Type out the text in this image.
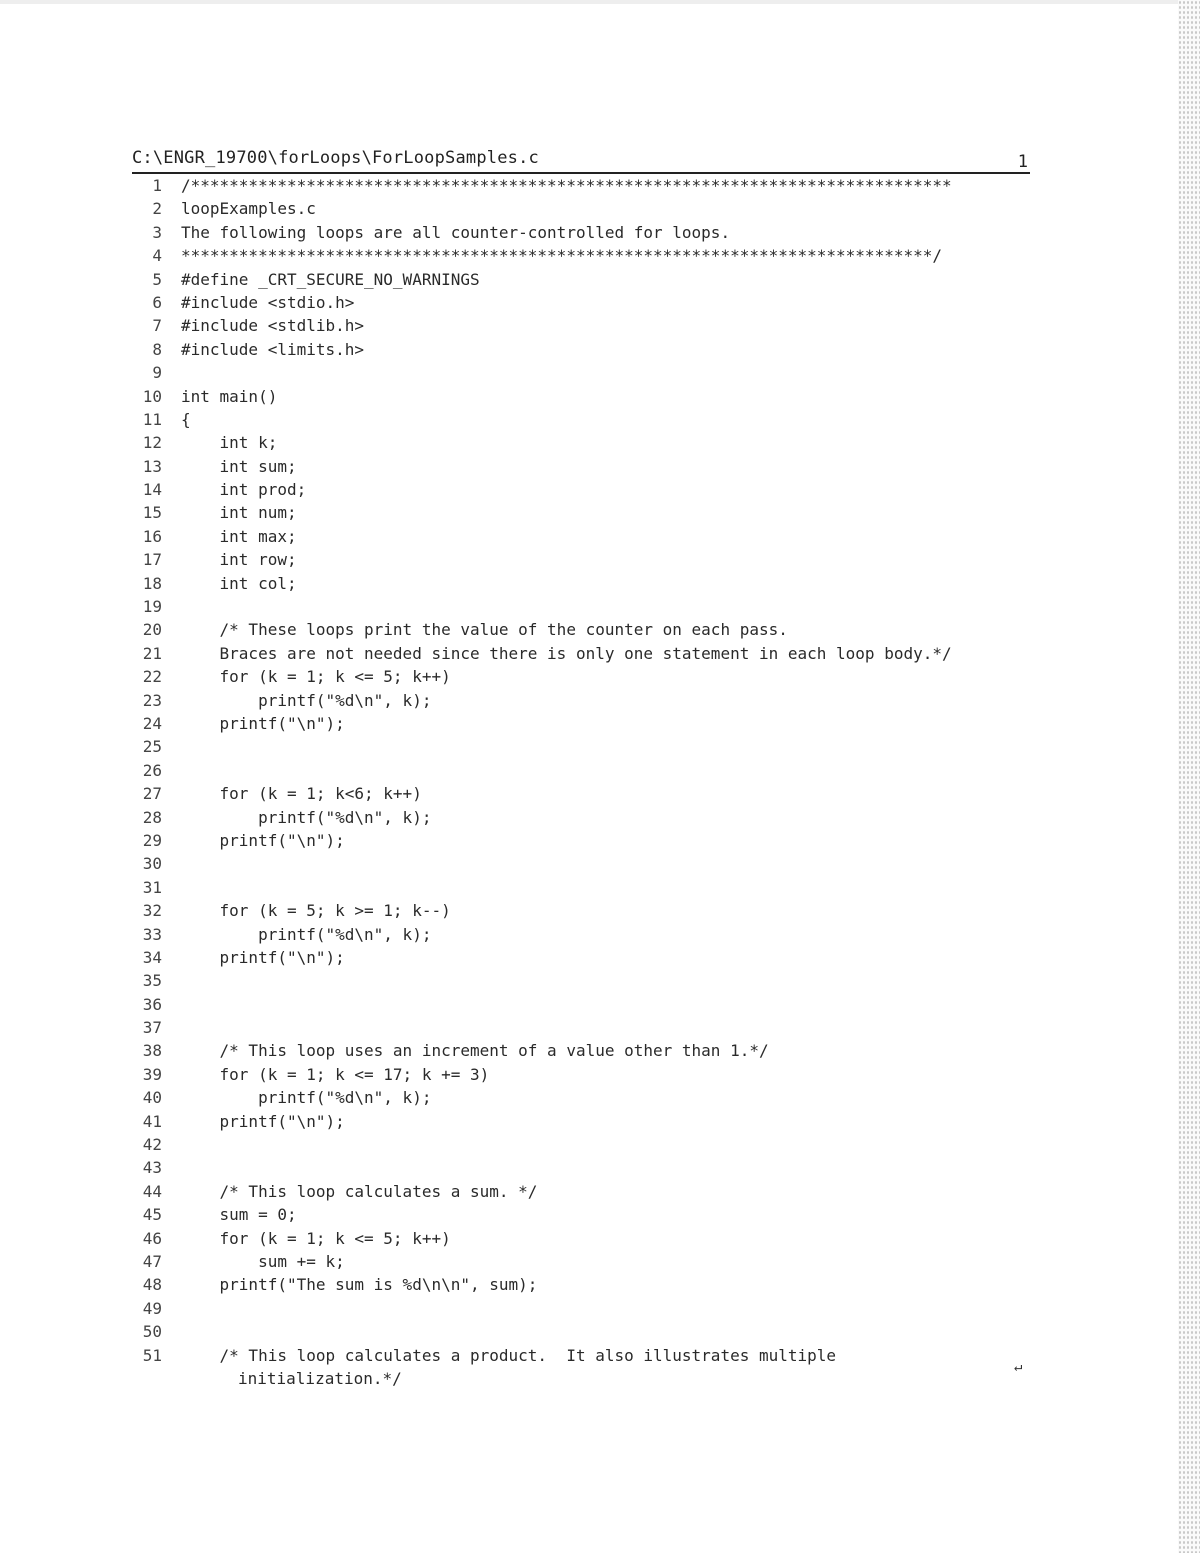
C:\ENGR_19700\forLoops\ForLoopSamples.c	1
1 /*******************************************************************************
2 loopExamples.c
3 The following loops are all counter-controlled for loops.
4 ******************************************************************************/
5 #define _CRT_SECURE_NO_WARNINGS
6 #include <stdio.h>
7 #include <stdlib.h>
8 #include <limits.h>
9
10 int main()
11 {
12 int k;
13 int sum;
14 int prod;
15 int num;
16 int max;
17 int row;
18 int col;
19
20 /* These loops print the value of the counter on each pass.
21 Braces are not needed since there is only one statement in each loop body.*/
22 for (k = 1; k <= 5; k++)
23 printf("%d\n", k);
24 printf("\n");
25
26
27 for (k = 1; k<6; k++)
28 printf("%d\n", k);
29 printf("\n");
30
31
32 for (k = 5; k >= 1; k--)
33 printf("%d\n", k);
34 printf("\n");
35
36
37
38 /* This loop uses an increment of a value other than 1.*/
39 for (k = 1; k <= 17; k += 3)
40 printf("%d\n", k);
41 printf("\n");
42
43
44 /* This loop calculates a sum. */
45 sum = 0;
46 for (k = 1; k <= 5; k++)
47 sum += k;
48 printf("The sum is %d\n\n", sum);
49
50
51 /* This loop calculates a product.  It also illustrates multiple
initialization.*/
↵
